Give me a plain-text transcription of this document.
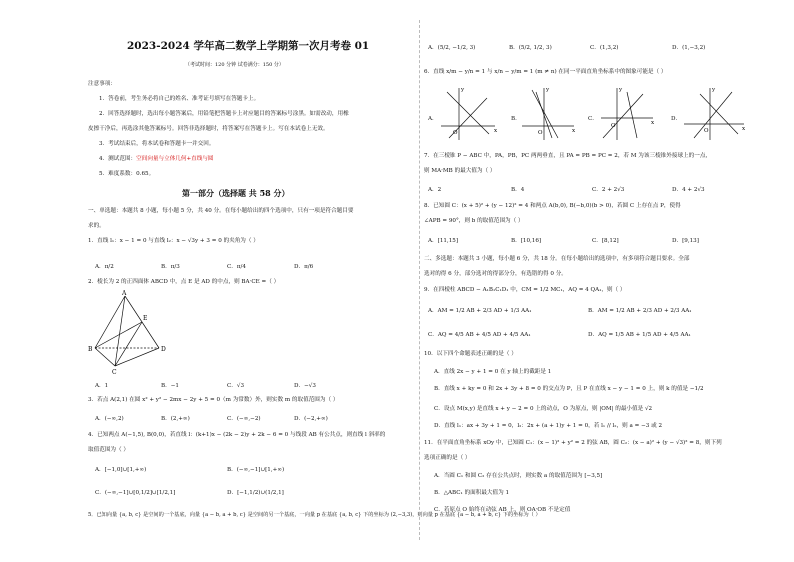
2023-2024 学年高二数学上学期第一次月考卷 01
（考试时间：120 分钟 试卷满分：150 分）
注意事项：
1．答卷前，考生务必将自己的姓名、准考证号填写在答题卡上。
2．回答选择题时，选出每小题答案后，用铅笔把答题卡上对应题目的答案标号涂黑。如需改动，用橡
皮擦干净后，再选涂其他答案标号。回答非选择题时，将答案写在答题卡上。写在本试卷上无效。
3．考试结束后，将本试卷和答题卡一并交回。
4．测试范围：空间向量与立体几何+直线与圆
5．难度系数：0.65。
第一部分（选择题 共 58 分）
一、单选题：本题共 8 小题，每小题 5 分，共 40 分。在每小题给出的四个选项中，只有一项是符合题目要
求的。
1．直线 l₁：x − 1 = 0 与直线 l₂：x − √3y + 3 = 0 的夹角为（ ）
A．π/2	B．π/3	C．π/4	D．π/6
2．棱长为 2 的正四面体 ABCD 中，点 E 是 AD 的中点，则 BA·CE =（ ）
A
B
C
D
E
A．1	B．−1	C．√3	D．−√3
3．若点 A(2,1) 在圆 x² + y² − 2mx − 2y + 5 = 0（m 为常数）外，则实数 m 的取值范围为（ ）
A．(−∞,2)	B．(2,+∞)	C．(−∞,−2)	D．(−2,+∞)
4．已知两点 A(−1,5), B(0,0)，若直线 l：(k+1)x − (2k − 2)y + 2k − 6 = 0 与线段 AB 有公共点，则直线 l 斜率的
取值范围为（ ）
A．[−1,0]∪[1,+∞)	B．(−∞,−1]∪[1,+∞)
C．(−∞,−1]∪[0,1/2]∪[1/2,1]	D．[−1,1/2)∪(1/2,1]
5．已知向量 {a, b, c} 是空间的一个基底，向量 {a − b, a + b, c} 是空间的另一个基底，一向量 p 在基底 {a, b, c} 下的坐标为 (2,−3,3)，则向量 p 在基底 {a − b, a + b, c} 下的坐标为（ ）
A．(5/2, −1/2, 3)	B．(5/2, 1/2, 3)	C．(1,3,2)	D．(1,−3,2)
6．直线 x/m − y/n = 1 与 x/n − y/m = 1 (m ≠ n) 在同一平面直角坐标系中的图象可能是（ ）
A．
y
x
O
B．
y
x
O
C．
y
x
O
D．
y
x
O
7．在三棱锥 P − ABC 中，PA，PB，PC 两两垂直，且 PA = PB = PC = 2，若 M 为该三棱锥外接球上的一点，
则 MA·MB 的最大值为（ ）
A．2	B．4	C．2 + 2√3	D．4 + 2√3
8．已知圆 C：(x + 5)² + (y − 12)² = 4 和两点 A(b,0), B(−b,0)(b > 0)，若圆 C 上存在点 P，使得
∠APB = 90°，则 b 的取值范围为（ ）
A．[11,15]	B．[10,16]	C．[8,12]	D．[9,13]
二、多选题：本题共 3 小题，每小题 6 分，共 18 分。在每小题给出的选项中，有多项符合题目要求。全部
选对的得 6 分，部分选对的得部分分，有选错的得 0 分。
9．在四棱柱 ABCD − A₁B₁C₁D₁ 中，CM = 1/2 MC₁，AQ = 4 QA₁，则（ ）
A．AM = 1/2 AB + 2/3 AD + 1/3 AA₁	B．AM = 1/2 AB + 2/3 AD + 2/3 AA₁
C．AQ = 4/5 AB + 4/5 AD + 4/5 AA₁	D．AQ = 1/5 AB + 1/5 AD + 4/5 AA₁
10．以下四个命题表述正确的是（ ）
A．直线 2x − y + 1 = 0 在 y 轴上的截距是 1
B．直线 x + ky = 0 和 2x + 3y + 8 = 0 的交点为 P，且 P 在直线 x − y − 1 = 0 上，则 k 的值是 −1/2
C．设点 M(x,y) 是直线 x + y − 2 = 0 上的动点，O 为原点，则 |OM| 的最小值是 √2
D．直线 l₁：ax + 3y + 1 = 0，l₂：2x + (a + 1)y + 1 = 0，若 l₁ // l₂，则 a = −3 或 2
11．在平面直角坐标系 xOy 中，已知圆 C₁：(x − 1)² + y² = 2 的弦 AB，圆 C₂：(x − a)² + (y − √3)² = 8，则下列
选项正确的是（ ）
A．当圆 C₁ 和圆 C₂ 存在公共点时，则实数 a 的取值范围为 [−3,5]
B．△ABC₁ 的面积最大值为 1
C．若原点 O 始终在动弦 AB 上，则 OA·OB 不是定值
